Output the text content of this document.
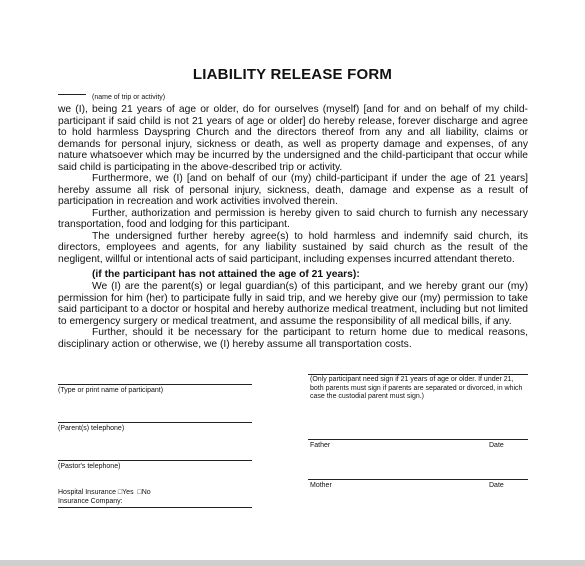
LIABILITY RELEASE FORM
(name of trip or activity)

we (I), being 21 years of age or older, do for ourselves (myself) [and for and on behalf of my child-participant if said child is not 21 years of age or older] do hereby release, forever discharge and agree to hold harmless Dayspring Church and the directors thereof from any and all liability, claims or demands for personal injury, sickness or death, as well as property damage and expenses, of any nature whatsoever which may be incurred by the undersigned and the child-participant that occur while said child is participating in the above-described trip or activity.

Furthermore, we (I) [and on behalf of our (my) child-participant if under the age of 21 years] hereby assume all risk of personal injury, sickness, death, damage and expense as a result of participation in recreation and work activities involved therein.

Further, authorization and permission is hereby given to said church to furnish any necessary transportation, food and lodging for this participant.

The undersigned further hereby agree(s) to hold harmless and indemnify said church, its directors, employees and agents, for any liability sustained by said church as the result of the negligent, willful or intentional acts of said participant, including expenses incurred attendant thereto.

(if the participant has not attained the age of 21 years):

We (I) are the parent(s) or legal guardian(s) of this participant, and we hereby grant our (my) permission for him (her) to participate fully in said trip, and we hereby give our (my) permission to take said participant to a doctor or hospital and hereby authorize medical treatment, including but not limited to emergency surgery or medical treatment, and assume the responsibility of all medical bills, if any.

Further, should it be necessary for the participant to return home due to medical reasons, disciplinary action or otherwise, we (I) hereby assume all transportation costs.

(Type or print name of participant)
(Parent(s) telephone)
(Pastor's telephone)
Hospital Insurance □Yes □No
Insurance Company:
(Only participant need sign if 21 years of age or older. If under 21, both parents must sign if parents are separated or divorced, in which case the custodial parent must sign.)
Father	Date
Mother	Date
